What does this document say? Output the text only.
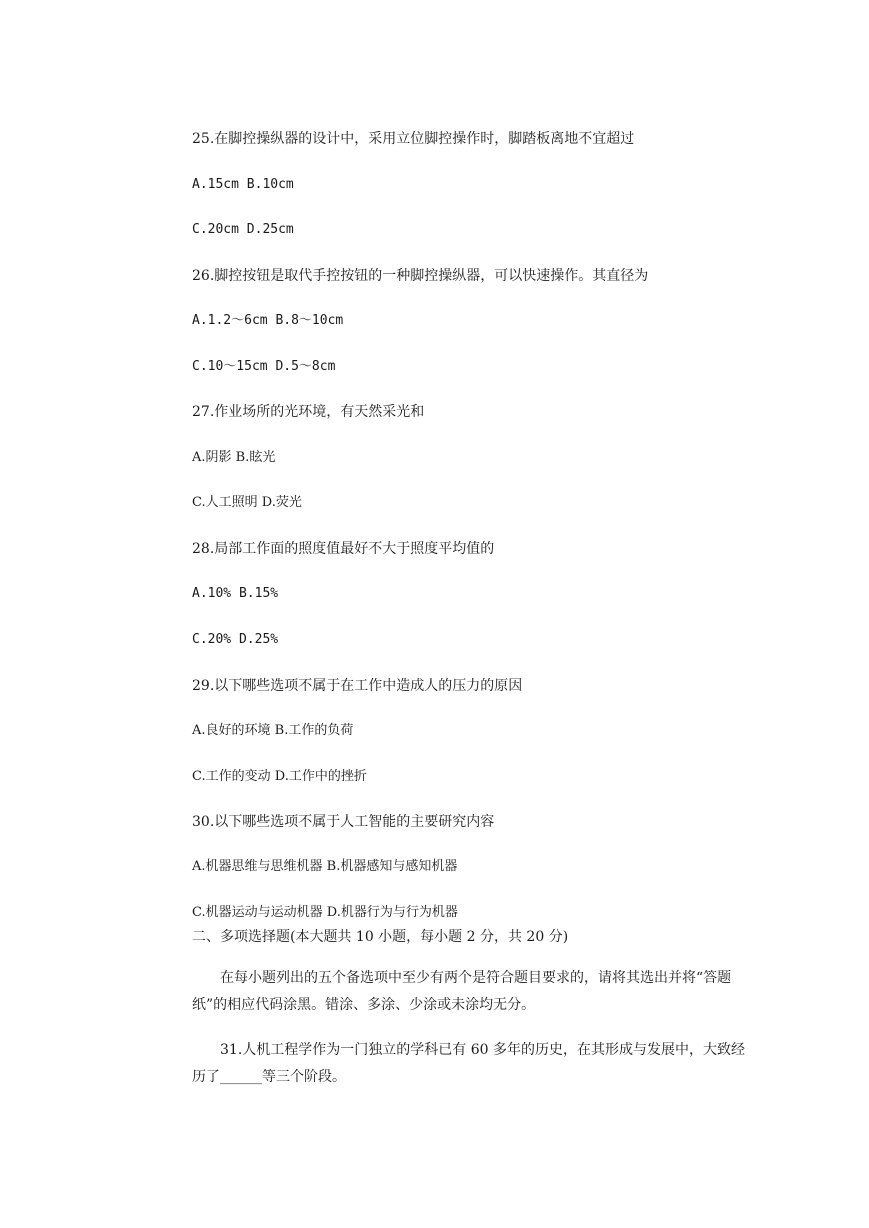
25.在脚控操纵器的设计中，采用立位脚控操作时，脚踏板离地不宜超过
A.15cm B.10cm
C.20cm D.25cm
26.脚控按钮是取代手控按钮的一种脚控操纵器，可以快速操作。其直径为
A.1.2～6cm B.8～10cm
C.10～15cm D.5～8cm
27.作业场所的光环境，有天然采光和
A.阴影 B.眩光
C.人工照明 D.荧光
28.局部工作面的照度值最好不大于照度平均值的
A.10% B.15%
C.20% D.25%
29.以下哪些选项不属于在工作中造成人的压力的原因
A.良好的环境 B.工作的负荷
C.工作的变动 D.工作中的挫折
30.以下哪些选项不属于人工智能的主要研究内容
A.机器思维与思维机器 B.机器感知与感知机器
C.机器运动与运动机器 D.机器行为与行为机器
二、多项选择题(本大题共 10 小题，每小题 2 分，共 20 分)
在每小题列出的五个备选项中至少有两个是符合题目要求的，请将其选出并将“答题纸”的相应代码涂黑。错涂、多涂、少涂或未涂均无分。
31.人机工程学作为一门独立的学科已有 60 多年的历史，在其形成与发展中，大致经历了______等三个阶段。
